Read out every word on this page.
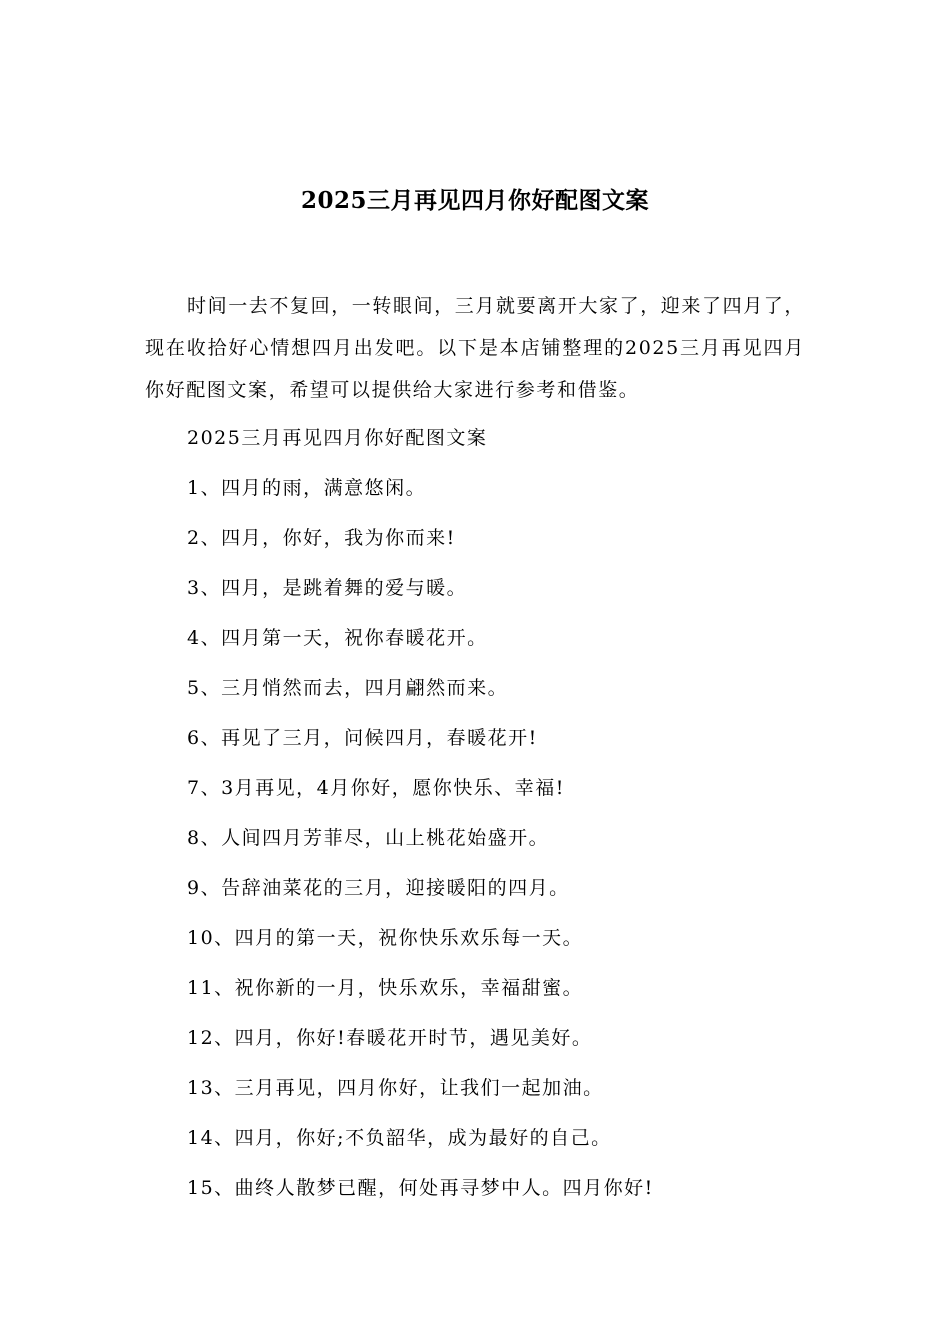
2025三月再见四月你好配图文案

时间一去不复回，一转眼间，三月就要离开大家了，迎来了四月了，现在收拾好心情想四月出发吧。以下是本店铺整理的2025三月再见四月你好配图文案，希望可以提供给大家进行参考和借鉴。

2025三月再见四月你好配图文案

1、四月的雨，满意悠闲。

2、四月，你好，我为你而来!

3、四月，是跳着舞的爱与暖。

4、四月第一天，祝你春暖花开。

5、三月悄然而去，四月翩然而来。

6、再见了三月，问候四月，春暖花开!

7、3月再见，4月你好，愿你快乐、幸福!

8、人间四月芳菲尽，山上桃花始盛开。

9、告辞油菜花的三月，迎接暖阳的四月。

10、四月的第一天，祝你快乐欢乐每一天。

11、祝你新的一月，快乐欢乐，幸福甜蜜。

12、四月，你好!春暖花开时节，遇见美好。

13、三月再见，四月你好，让我们一起加油。

14、四月，你好;不负韶华，成为最好的自己。

15、曲终人散梦已醒，何处再寻梦中人。四月你好!
